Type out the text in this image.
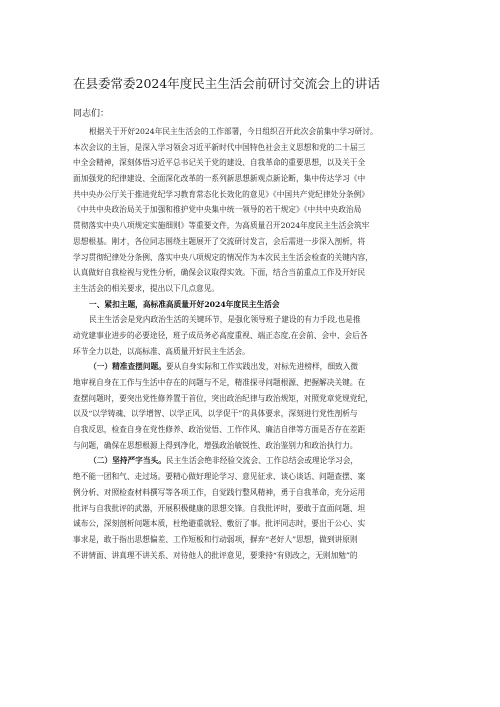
在县委常委2024年度民主生活会前研讨交流会上的讲话
同志们：
根据关于开好2024年民主生活会的工作部署，今日组织召开此次会前集中学习研讨。
本次会议的主旨，是深入学习领会习近平新时代中国特色社会主义思想和党的二十届三
中全会精神，深刻体悟习近平总书记关于党的建设、自我革命的重要思想，以及关于全
面加强党的纪律建设、全面深化改革的一系列新思想新观点新论断，集中传达学习《中
共中央办公厅关于推进党纪学习教育常态化长效化的意见》《中国共产党纪律处分条例》
《中共中央政治局关于加强和推护党中央集中统一领导的若干规定》《中共中央政治局
贯彻落实中央八项规定实施细则》等重要文件，为高质量召开2024年度民主生活会筑牢
思想根基。刚才，各位同志围绕主题展开了交流研讨发言，会后需进一步深入剖析，将
学习贯彻纪律处分条例、落实中央八项规定的情况作为本次民主生活会检查的关键内容，
认真做好自我检视与党性分析，确保会议取得实效。下面，结合当前重点工作及开好民
主生活会的相关要求，提出以下几点意见。
一、紧扣主题，高标准高质量开好2024年度民主生活会
民主生活会是党内政治生活的关键环节，是强化领导班子建设的有力手段,也是推
动党建事业进步的必要途径，班子成员务必高度重视、端正态度,在会前、会中、会后各
环节全力以赴，以高标准、高质量开好民主生活会。
（一）精准查摆问题。要从自身实际和工作实践出发，对标先进榜样，细致入微
地审视自身在工作与生活中存在的问题与不足，精准探寻问题根源、把握解决关键。在
查摆问题时，要突出党性修养置于首位，突出政治纪律与政治规矩，对照党章党规党纪，
以及“以学铸魂、以学增智、以学正风、以学促干”的具体要求，深刻进行党性剖析与
自我反思，检查自身在党性修养、政治觉悟、工作作风、廉洁自律等方面是否存在差距
与问题，确保在思想根源上得到净化，增强政治敏锐性、政治鉴别力和政治执行力。
（二）坚持严字当头。民主生活会绝非经验交流会、工作总结会或理论学习会，
绝不能一团和气、走过场。要精心做好理论学习、意见征求、谈心谈话、问题查摆、案
例分析、对照检查材料撰写等各项工作，自觉践行整风精神，勇于自我革命，充分运用
批评与自我批评的武器，开展积极健康的思想交锋。自我批评时，要敢于直面问题、坦
诚布公，深刻剖析问题本质，杜绝避重就轻、敷衍了事。批评同志时，要出于公心、实
事求是，敢于指出思想偏差、工作短板和行动弱项，摒弃“老好人”思想，做到讲原则
不讲情面、讲真理不讲关系、对待他人的批评意见，要秉持“有则改之，无则加勉”的
